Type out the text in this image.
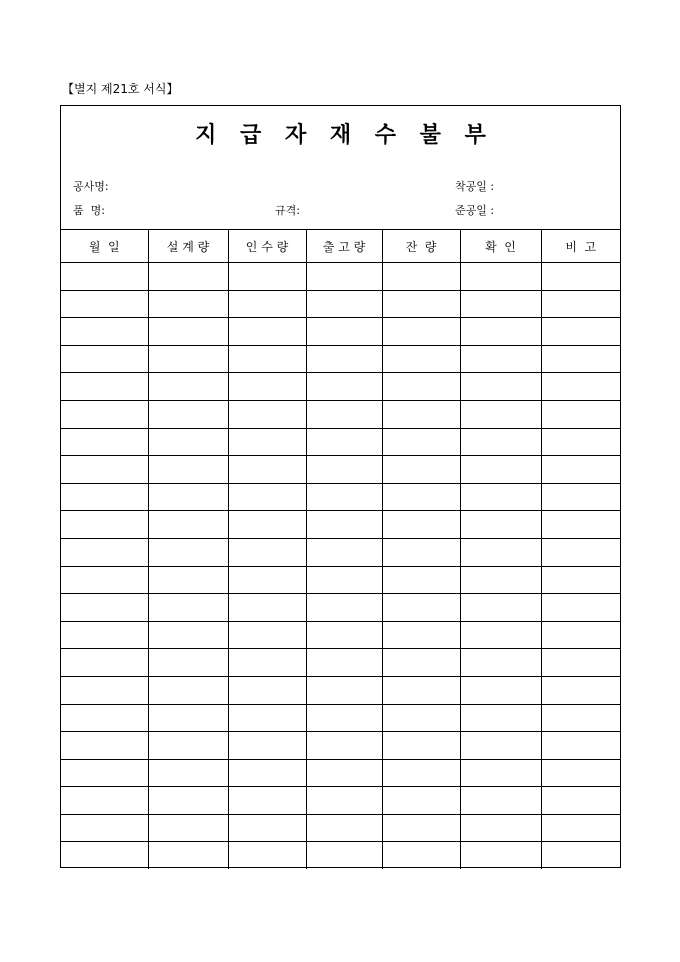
【별지 제21호 서식】
지 급 자 재 수 불 부
공사명:	착공일 :
품  명:	규격:	준공일 :
월  일	설 계 량	인 수 량	출 고 량	잔  량	확  인	비  고
